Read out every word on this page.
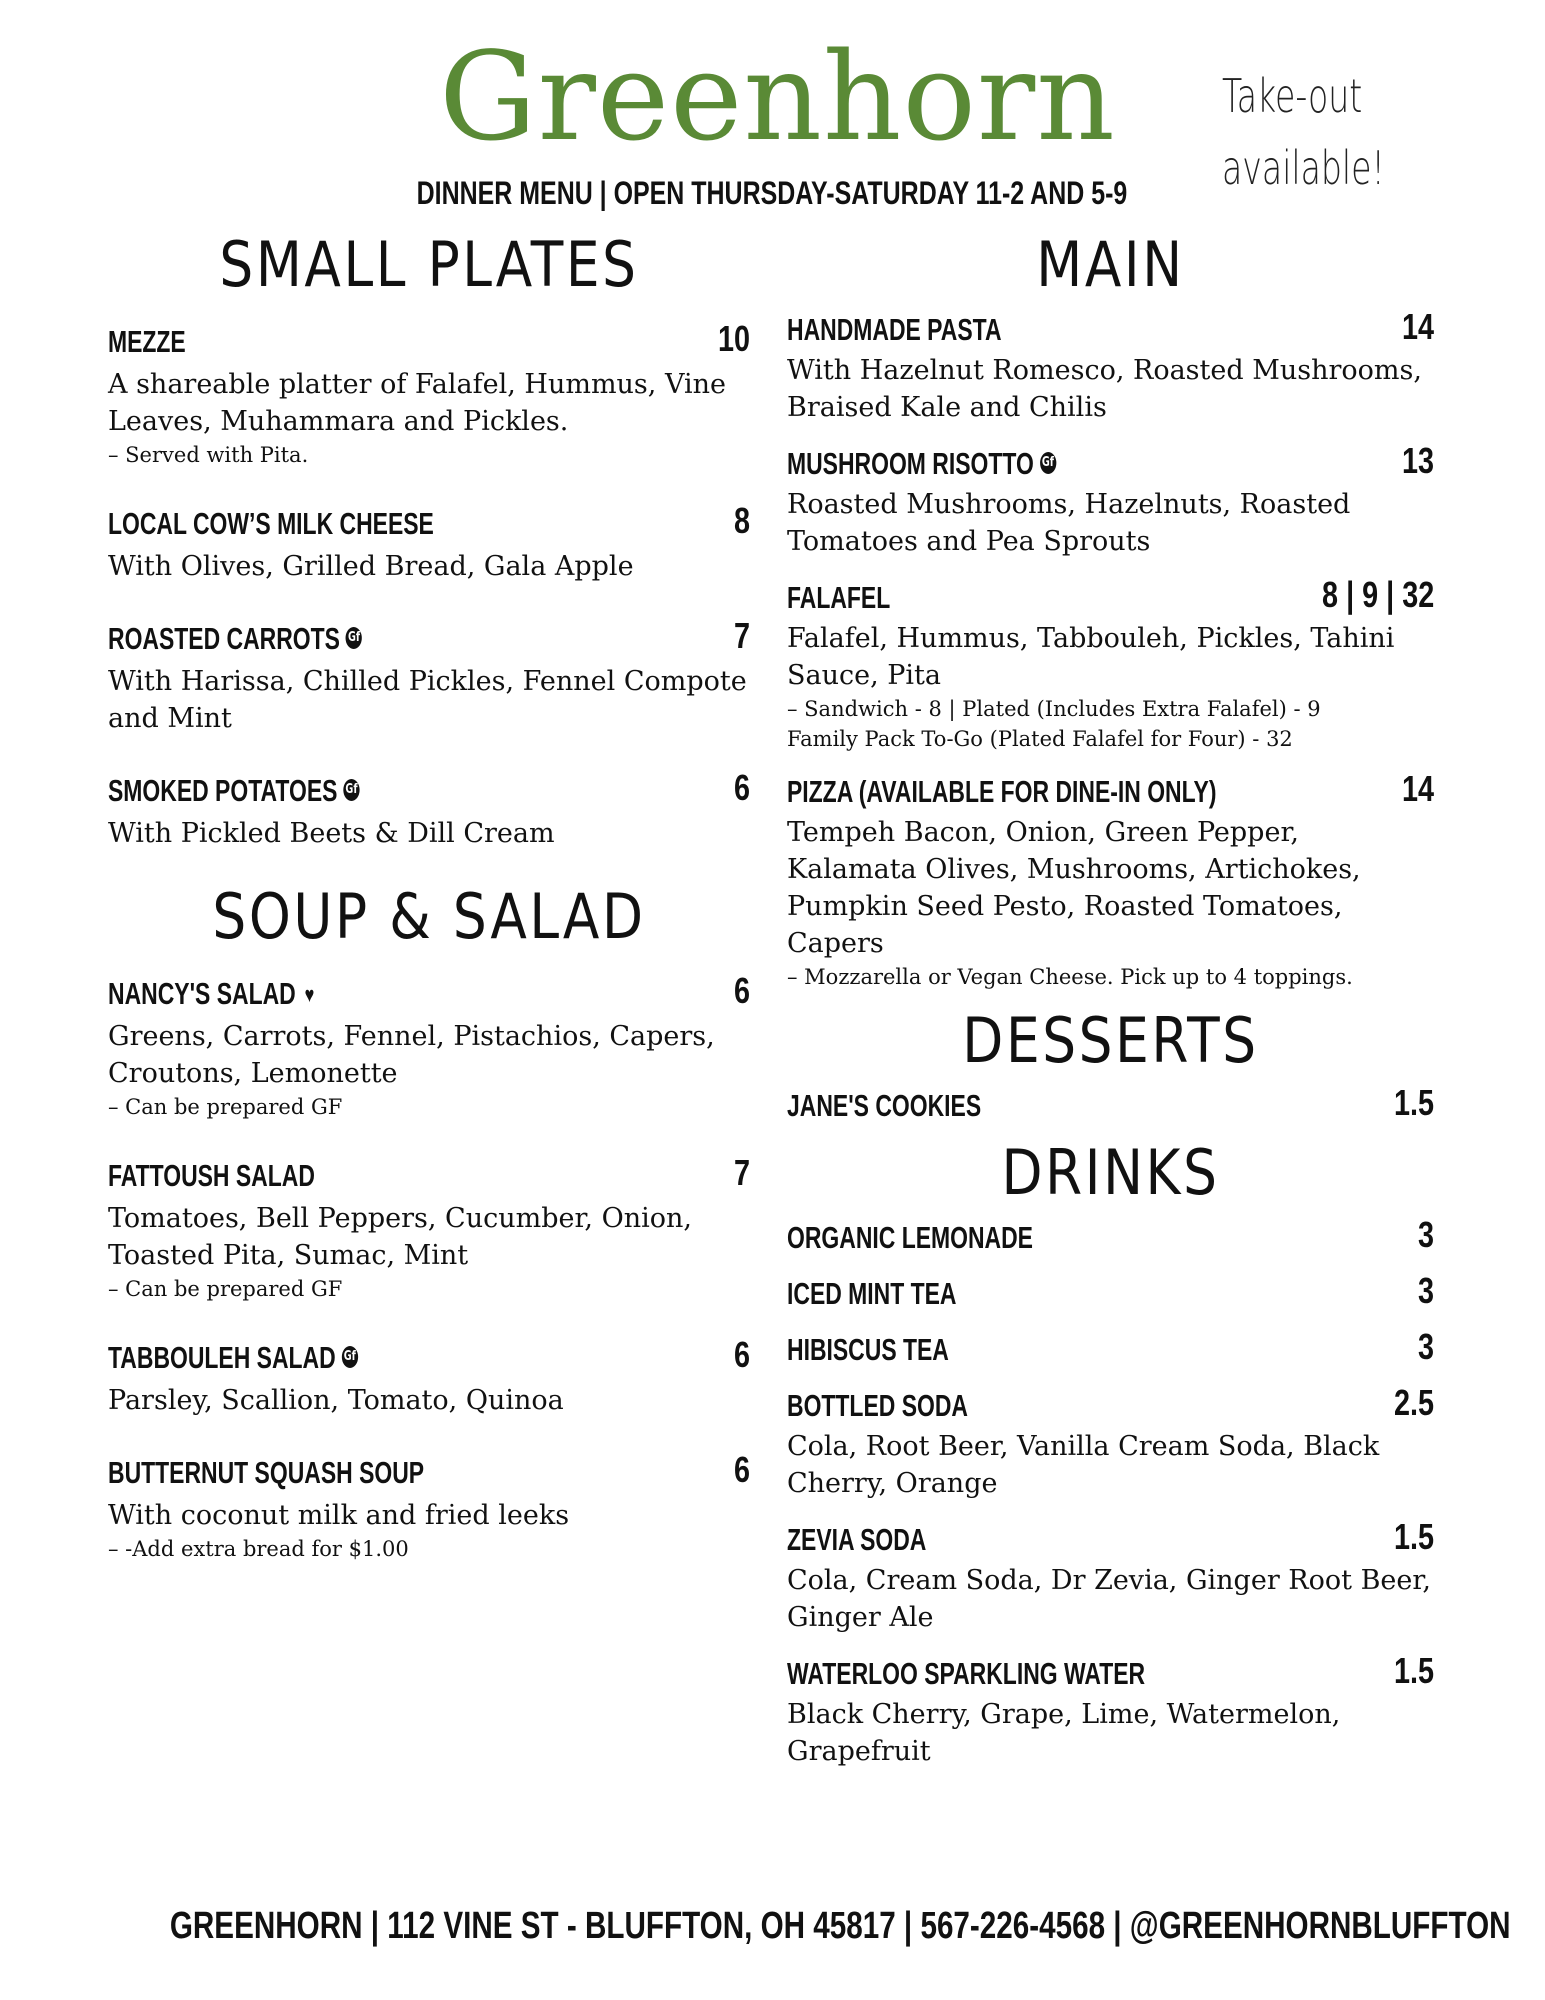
Greenhorn
DINNER MENU | OPEN THURSDAY-SATURDAY 11-2 AND 5-9
Take-out
available!
SMALL PLATES
MEZZE	10
A shareable platter of Falafel, Hummus, Vine Leaves, Muhammara and Pickles.
– Served with Pita.
LOCAL COW’S MILK CHEESE	8
With Olives, Grilled Bread, Gala Apple
ROASTED CARROTS Gf	7
With Harissa, Chilled Pickles, Fennel Compote and Mint
SMOKED POTATOES Gf	6
With Pickled Beets & Dill Cream
SOUP & SALAD
NANCY'S SALAD ♥	6
Greens, Carrots, Fennel, Pistachios, Capers, Croutons, Lemonette
– Can be prepared GF
FATTOUSH SALAD	7
Tomatoes, Bell Peppers, Cucumber, Onion, Toasted Pita, Sumac, Mint
– Can be prepared GF
TABBOULEH SALAD Gf	6
Parsley, Scallion, Tomato, Quinoa
BUTTERNUT SQUASH SOUP	6
With coconut milk and fried leeks
– -Add extra bread for $1.00
MAIN
HANDMADE PASTA	14
With Hazelnut Romesco, Roasted Mushrooms, Braised Kale and Chilis
MUSHROOM RISOTTO Gf	13
Roasted Mushrooms, Hazelnuts, Roasted Tomatoes and Pea Sprouts
FALAFEL	8 | 9 | 32
Falafel, Hummus, Tabbouleh, Pickles, Tahini Sauce, Pita
– Sandwich - 8 | Plated (Includes Extra Falafel) - 9
Family Pack To-Go (Plated Falafel for Four) - 32
PIZZA (AVAILABLE FOR DINE-IN ONLY)	14
Tempeh Bacon, Onion, Green Pepper, Kalamata Olives, Mushrooms, Artichokes, Pumpkin Seed Pesto, Roasted Tomatoes, Capers
– Mozzarella or Vegan Cheese. Pick up to 4 toppings.
DESSERTS
JANE'S COOKIES	1.5
DRINKS
ORGANIC LEMONADE	3
ICED MINT TEA	3
HIBISCUS TEA	3
BOTTLED SODA	2.5
Cola, Root Beer, Vanilla Cream Soda, Black Cherry, Orange
ZEVIA SODA	1.5
Cola, Cream Soda, Dr Zevia, Ginger Root Beer, Ginger Ale
WATERLOO SPARKLING WATER	1.5
Black Cherry, Grape, Lime, Watermelon, Grapefruit
GREENHORN | 112 VINE ST - BLUFFTON, OH 45817 | 567-226-4568 | @GREENHORNBLUFFTON
